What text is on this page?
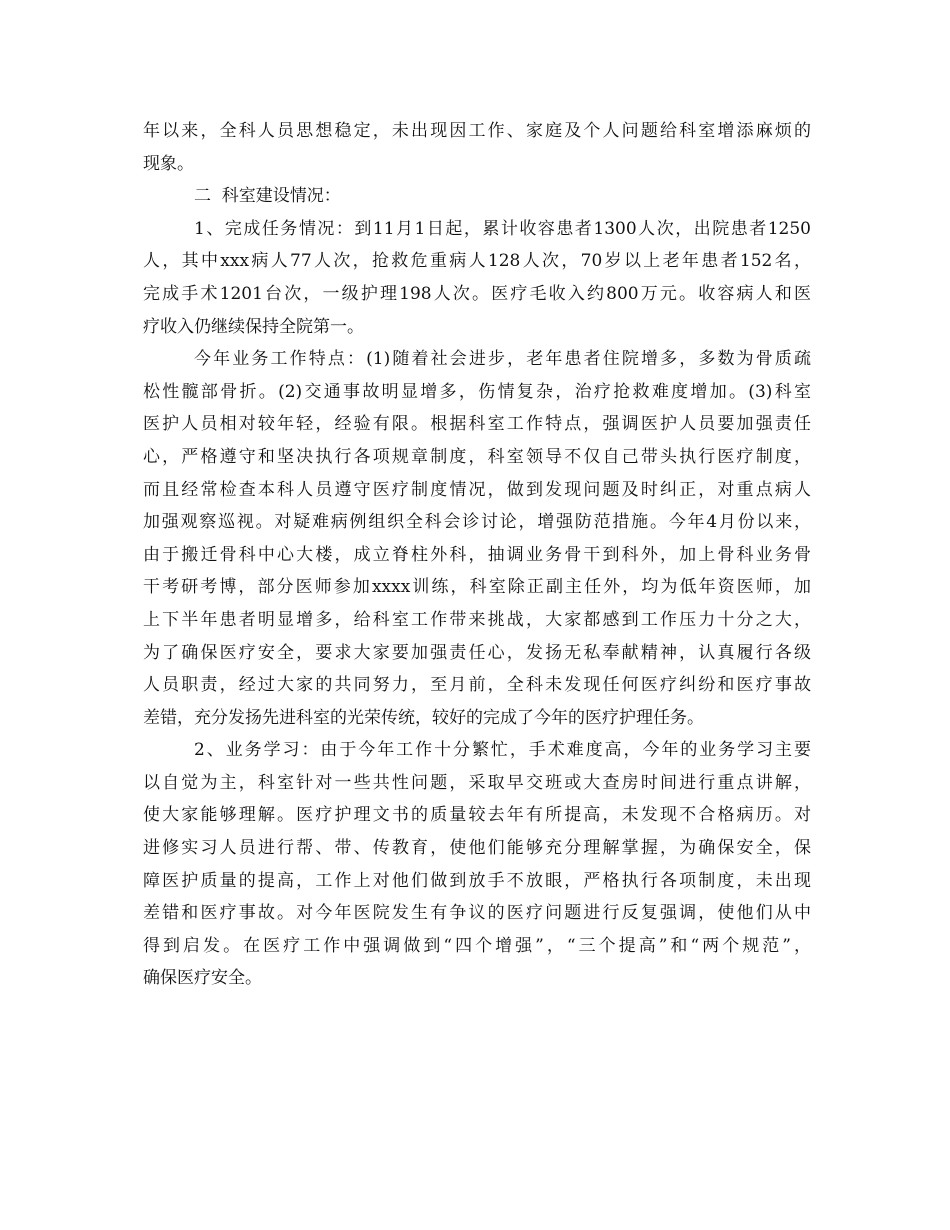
年以来，全科人员思想稳定，未出现因工作、家庭及个人问题给科室增添麻烦的
现象。
二  科室建设情况：
1、完成任务情况：到11月1日起，累计收容患者1300人次，出院患者1250
人，其中xxx病人77人次，抢救危重病人128人次，70岁以上老年患者152名，
完成手术1201台次，一级护理198人次。医疗毛收入约800万元。收容病人和医
疗收入仍继续保持全院第一。
今年业务工作特点：(1)随着社会进步，老年患者住院增多，多数为骨质疏
松性髋部骨折。(2)交通事故明显增多，伤情复杂，治疗抢救难度增加。(3)科室
医护人员相对较年轻，经验有限。根据科室工作特点，强调医护人员要加强责任
心，严格遵守和坚决执行各项规章制度，科室领导不仅自己带头执行医疗制度，
而且经常检查本科人员遵守医疗制度情况，做到发现问题及时纠正，对重点病人
加强观察巡视。对疑难病例组织全科会诊讨论，增强防范措施。今年4月份以来，
由于搬迁骨科中心大楼，成立脊柱外科，抽调业务骨干到科外，加上骨科业务骨
干考研考博，部分医师参加xxxx训练，科室除正副主任外，均为低年资医师，加
上下半年患者明显增多，给科室工作带来挑战，大家都感到工作压力十分之大，
为了确保医疗安全，要求大家要加强责任心，发扬无私奉献精神，认真履行各级
人员职责，经过大家的共同努力，至月前，全科未发现任何医疗纠纷和医疗事故
差错，充分发扬先进科室的光荣传统，较好的完成了今年的医疗护理任务。
2、业务学习：由于今年工作十分繁忙，手术难度高，今年的业务学习主要
以自觉为主，科室针对一些共性问题，采取早交班或大查房时间进行重点讲解，
使大家能够理解。医疗护理文书的质量较去年有所提高，未发现不合格病历。对
进修实习人员进行帮、带、传教育，使他们能够充分理解掌握，为确保安全，保
障医护质量的提高，工作上对他们做到放手不放眼，严格执行各项制度，未出现
差错和医疗事故。对今年医院发生有争议的医疗问题进行反复强调，使他们从中
得到启发。在医疗工作中强调做到“四个增强”，“三个提高”和“两个规范”，
确保医疗安全。
